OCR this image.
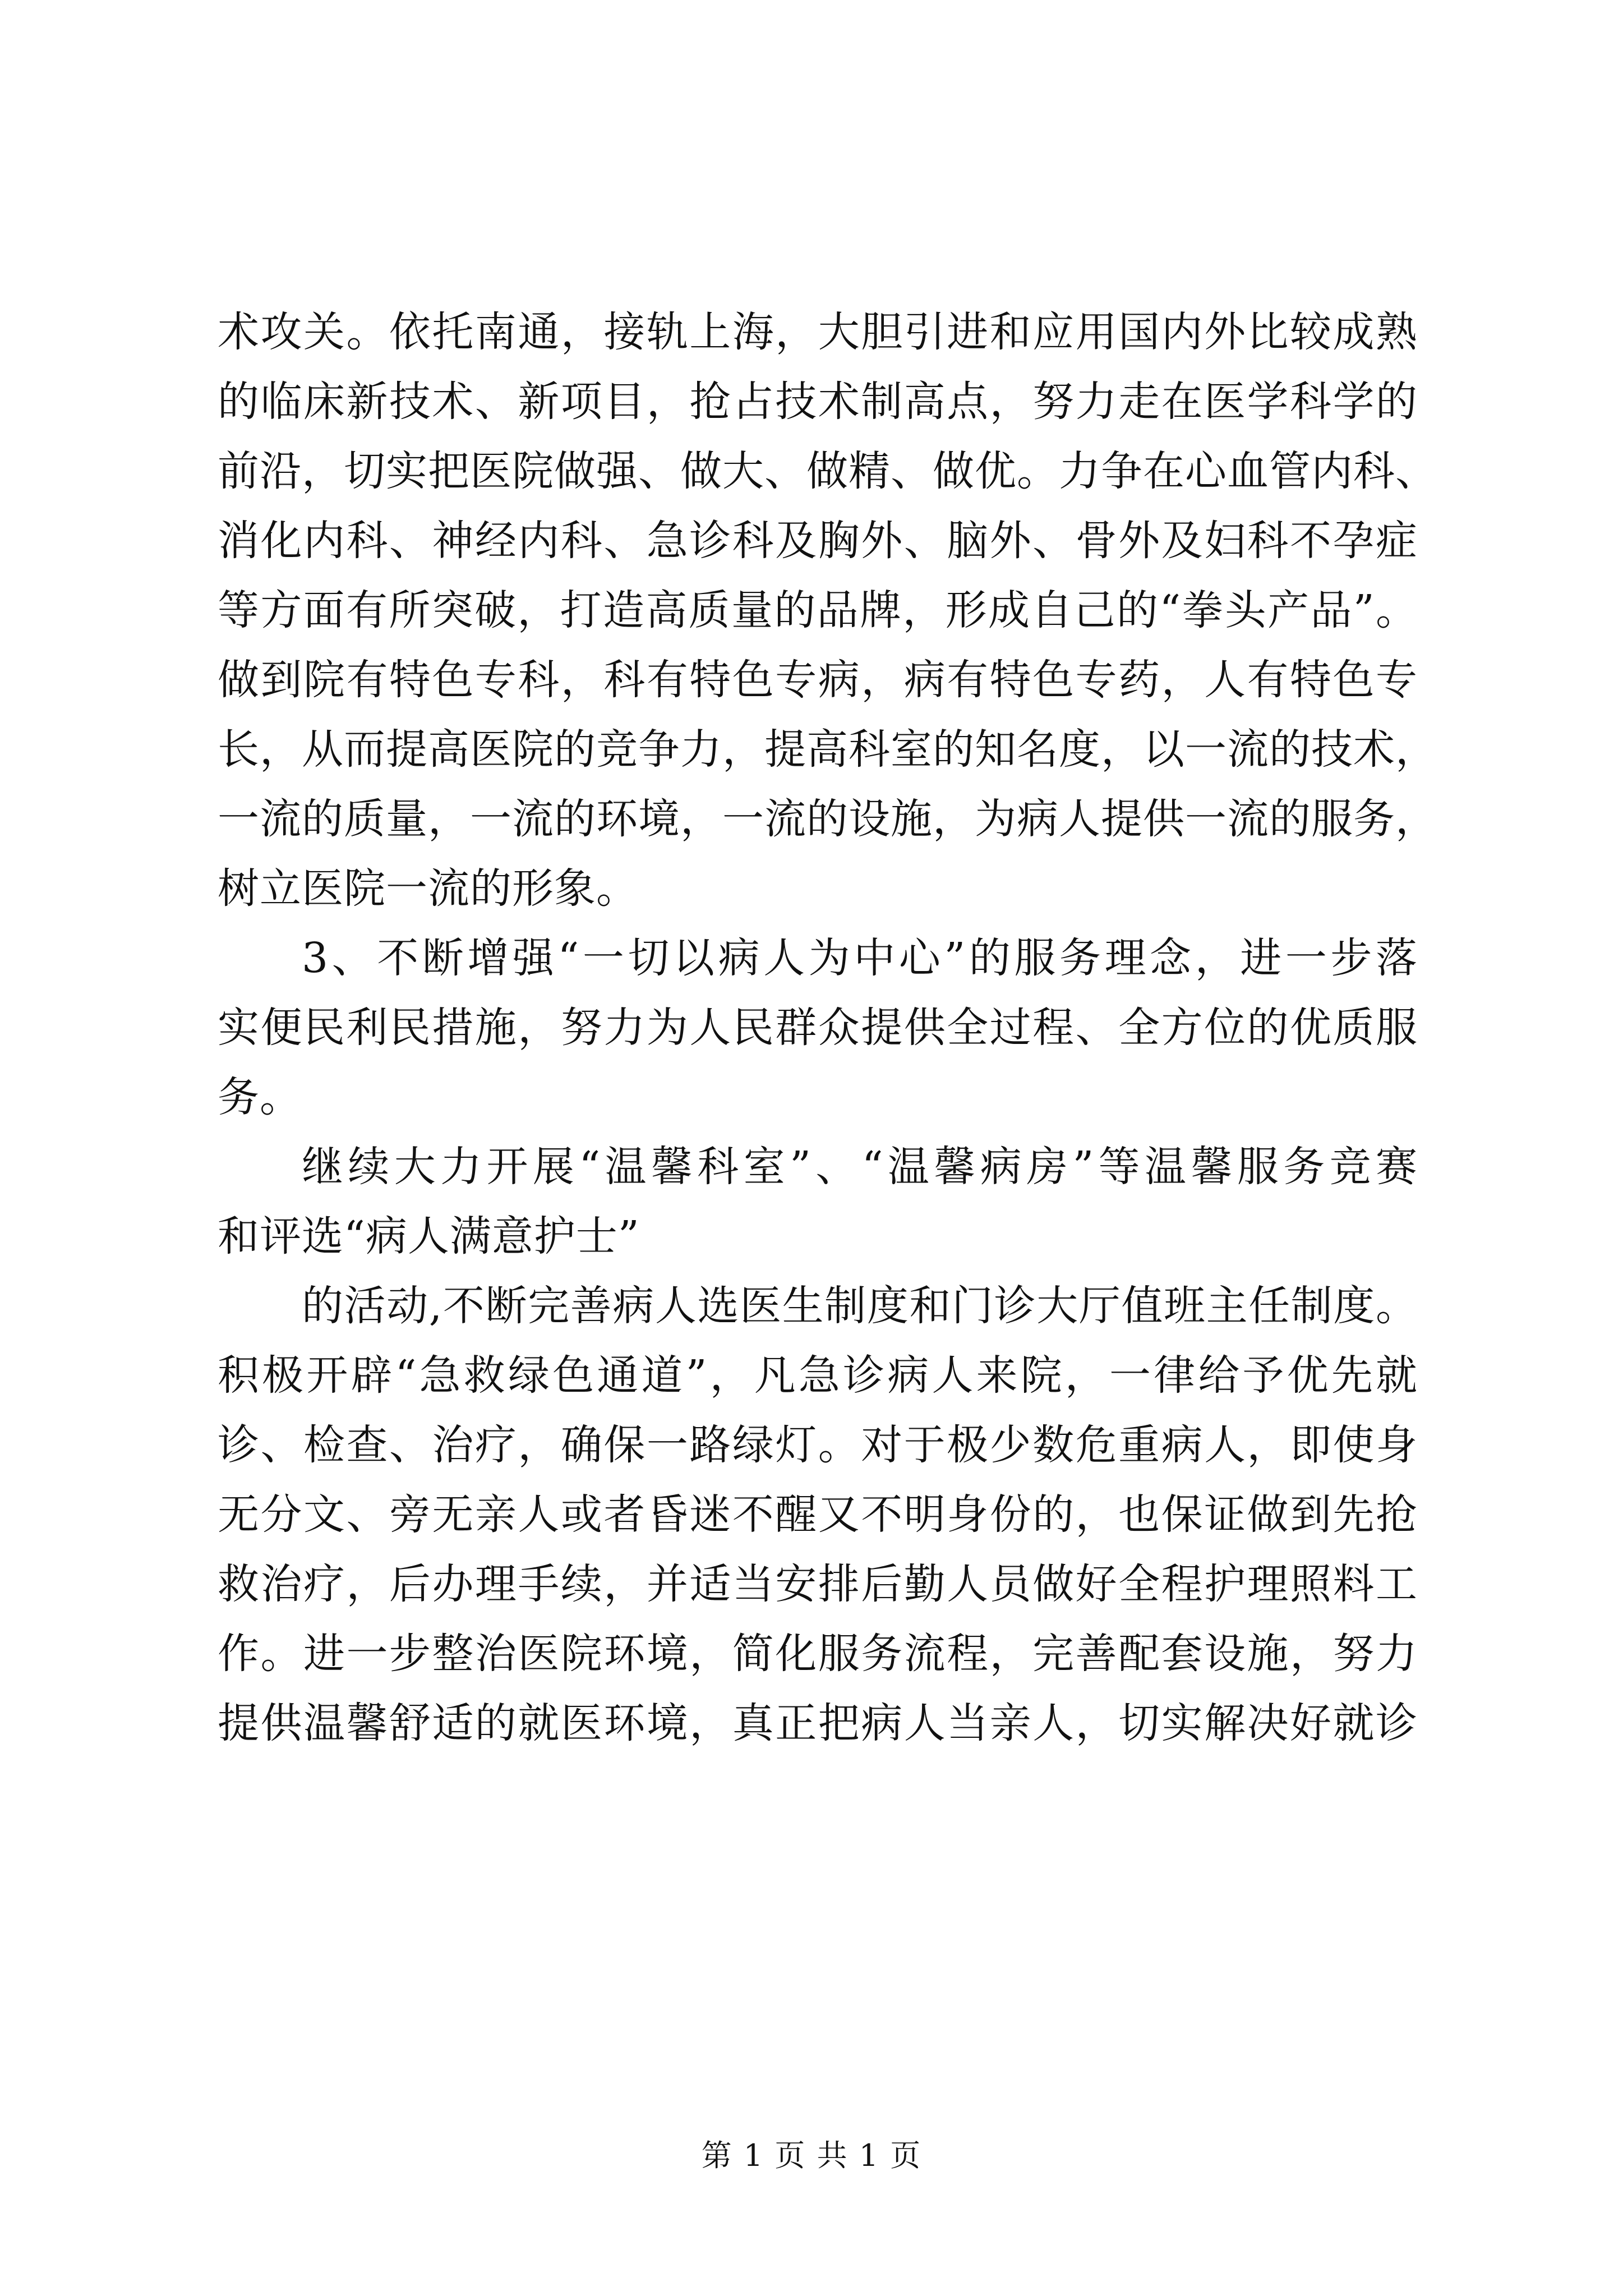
术攻关。依托南通，接轨上海，大胆引进和应用国内外比较成熟
的临床新技术、新项目，抢占技术制高点，努力走在医学科学的
前沿，切实把医院做强、做大、做精、做优。力争在心血管内科、
消化内科、神经内科、急诊科及胸外、脑外、骨外及妇科不孕症
等方面有所突破，打造高质量的品牌，形成自己的“拳头产品”。
做到院有特色专科，科有特色专病，病有特色专药，人有特色专
长，从而提高医院的竞争力，提高科室的知名度，以一流的技术，
一流的质量，一流的环境，一流的设施，为病人提供一流的服务，
树立医院一流的形象。
3、不断增强“一切以病人为中心”的服务理念，进一步落
实便民利民措施，努力为人民群众提供全过程、全方位的优质服
务。
继续大力开展“温馨科室”、“温馨病房”等温馨服务竞赛
和评选“病人满意护士”
的活动,不断完善病人选医生制度和门诊大厅值班主任制度。
积极开辟“急救绿色通道”，凡急诊病人来院，一律给予优先就
诊、检查、治疗，确保一路绿灯。对于极少数危重病人，即使身
无分文、旁无亲人或者昏迷不醒又不明身份的，也保证做到先抢
救治疗，后办理手续，并适当安排后勤人员做好全程护理照料工
作。进一步整治医院环境，简化服务流程，完善配套设施，努力
提供温馨舒适的就医环境，真正把病人当亲人，切实解决好就诊
第 1 页 共 1 页
